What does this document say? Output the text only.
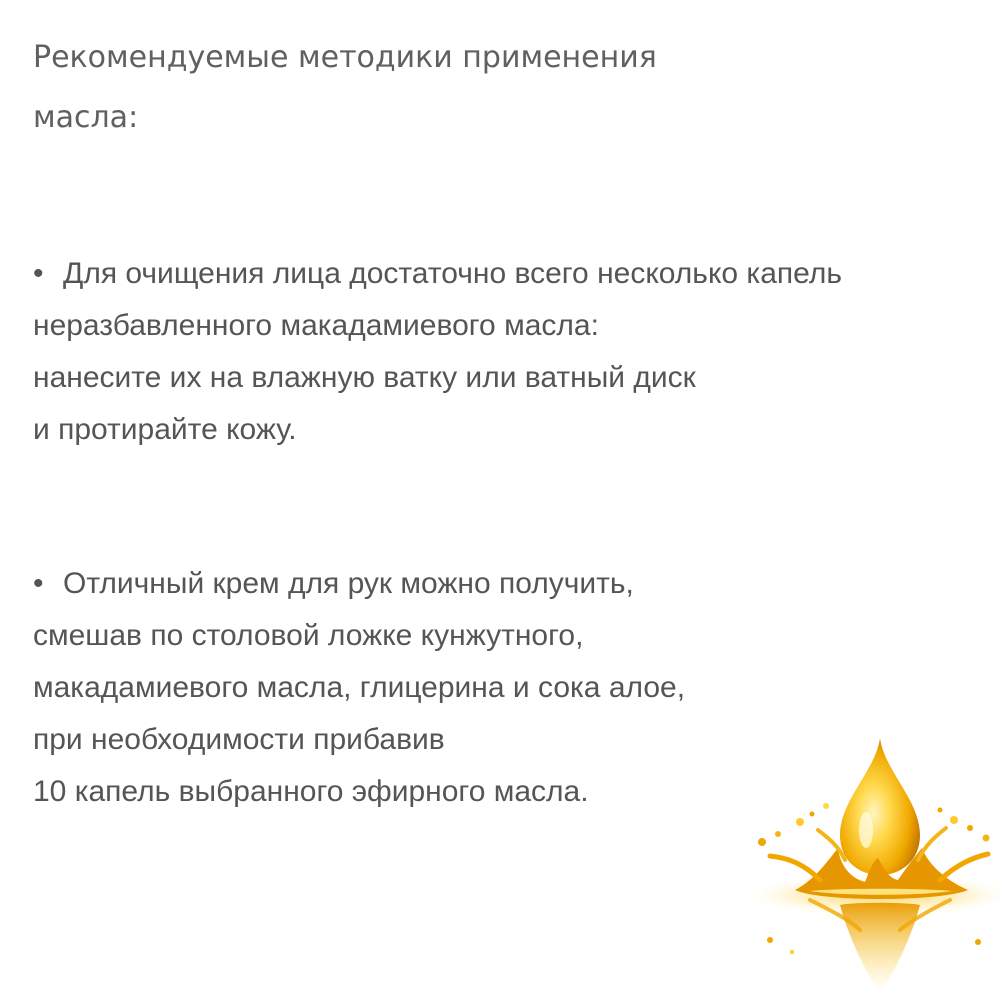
Рекомендуемые методики применения
масла:
• Для очищения лица достаточно всего несколько капель
неразбавленного макадамиевого масла:
нанесите их на влажную ватку или ватный диск
и протирайте кожу.
• Отличный крем для рук можно получить,
смешав по столовой ложке кунжутного,
макадамиевого масла, глицерина и сока алое,
при необходимости прибавив
10 капель выбранного эфирного масла.
